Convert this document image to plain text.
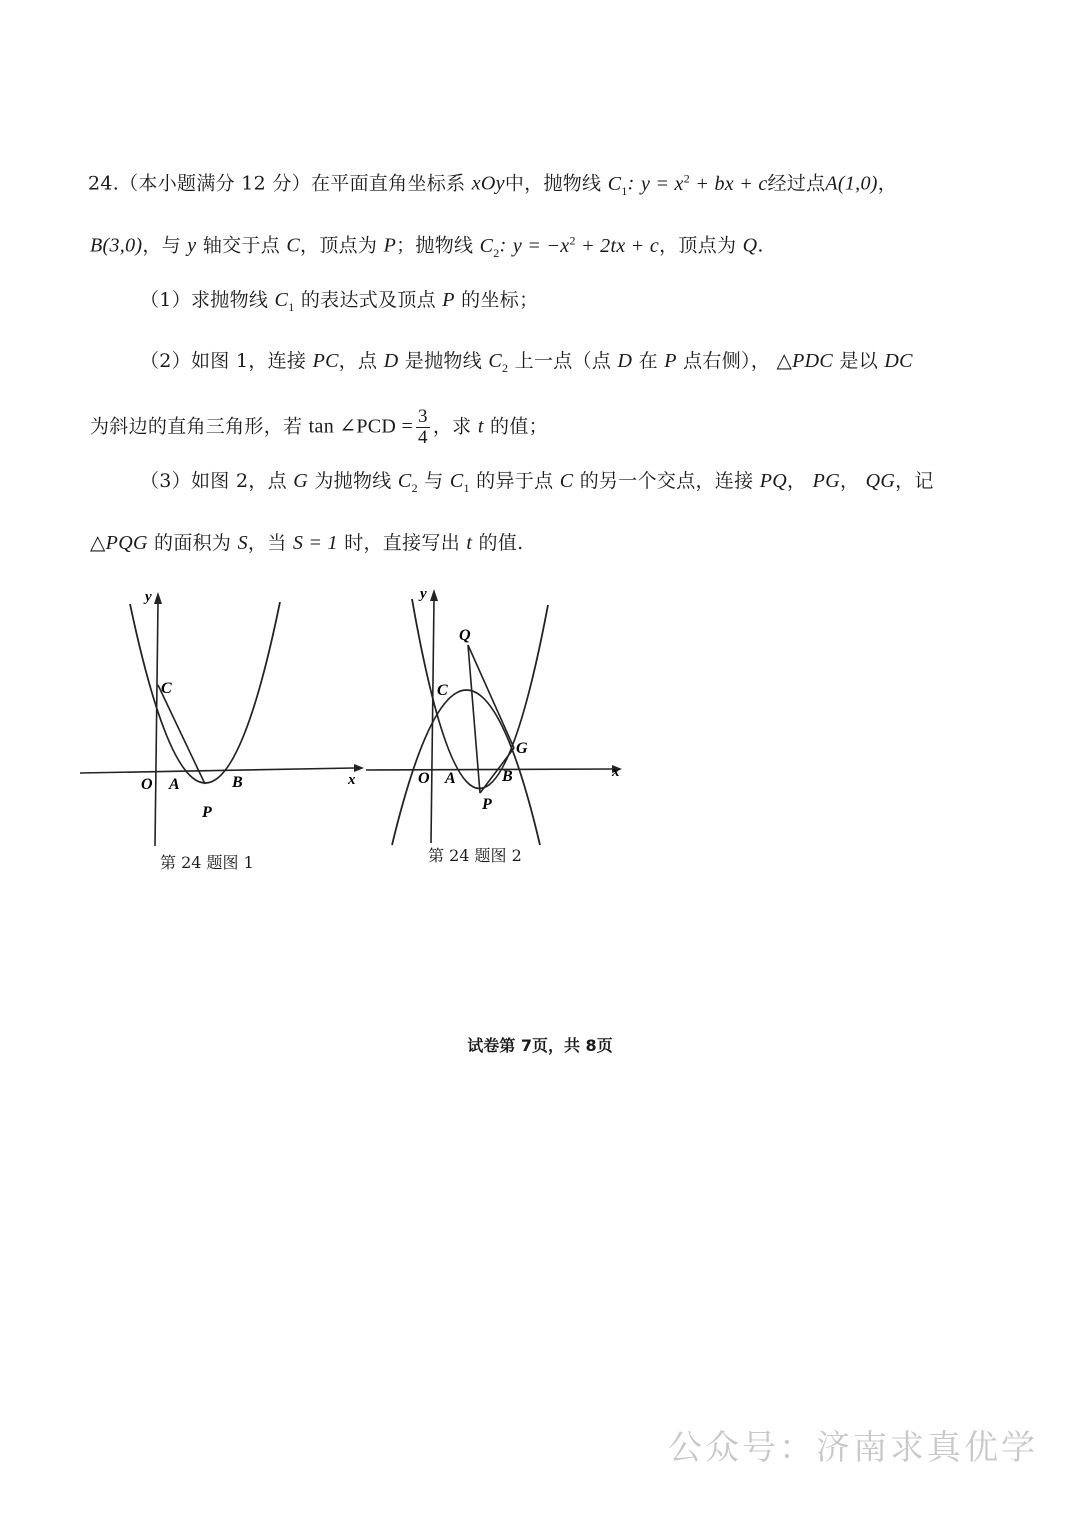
24.（本小题满分 12 分）在平面直角坐标系 xOy中，抛物线 $C_1$: $y = x^2$ + bx + c经过点A(1,0)，
B(3,0)，与 y 轴交于点 C，顶点为 P；抛物线 $C_2$: $y = -x^2 + 2tx + c$，顶点为 Q.
（1）求抛物线 $C_1$ 的表达式及顶点 P 的坐标；
（2）如图 1，连接 PC，点 D 是抛物线 $C_2$ 上一点（点 D 在 P 点右侧）， △PDC 是以 DC
为斜边的直角三角形，若 tan ∠PCD = $\frac{3}{4}$ ，求 t 的值；
（3）如图 2，点 G 为抛物线 $C_2$ 与 $C_1$ 的异于点 C 的另一个交点，连接 PQ， PG， QG，记
△PQG 的面积为 S，当 S = 1 时，直接写出 t 的值.
y
x
O A	B
C
P
第 24 题图 1
y
x
O A	B
C
P
Q
G
第 24 题图 2
试卷第 7页，共 8页
公众号：济南求真优学
